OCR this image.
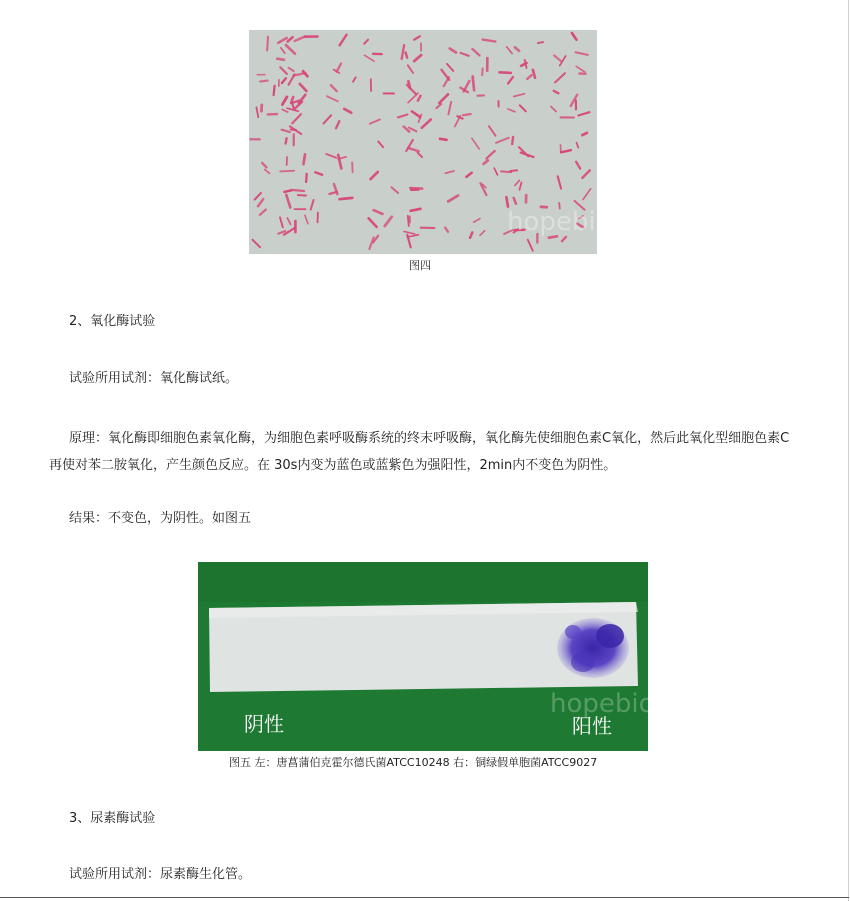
hopebio
图四
2、氧化酶试验
试验所用试剂：氧化酶试纸。
原理：氧化酶即细胞色素氧化酶，为细胞色素呼吸酶系统的终末呼吸酶，氧化酶先使细胞色素C氧化，然后此氧化型细胞色素C再使对苯二胺氧化，产生颜色反应。在 30s内变为蓝色或蓝紫色为强阳性，2min内不变色为阴性。
结果：不变色，为阴性。如图五
hopebio
阴性	阳性
图五 左：唐菖蒲伯克霍尔德氏菌ATCC10248 右：铜绿假单胞菌ATCC9027
3、尿素酶试验
试验所用试剂：尿素酶生化管。
